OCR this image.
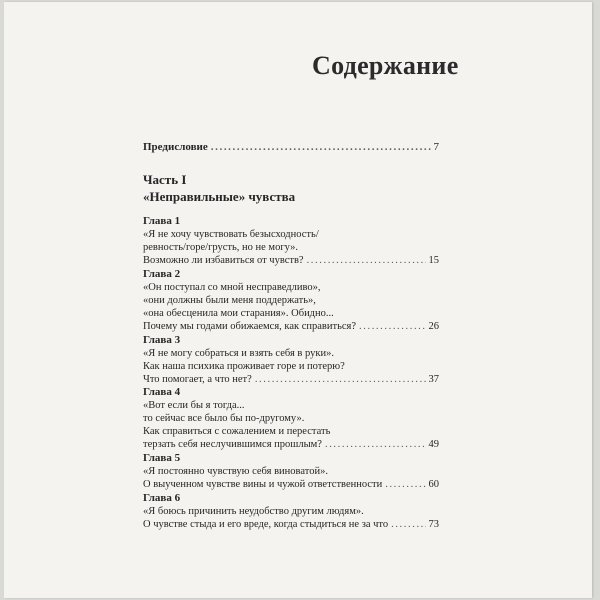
Содержание
Предисловие .....	7
Часть I
«Неправильные» чувства
Глава 1
«Я не хочу чувствовать безысходность/
ревность/горе/грусть, но не могу».
Возможно ли избавиться от чувств? .....	15
Глава 2
«Он поступал со мной несправедливо»,
«они должны были меня поддержать»,
«она обесценила мои старания». Обидно...
Почему мы годами обижаемся, как справиться? .....	26
Глава 3
«Я не могу собраться и взять себя в руки».
Как наша психика проживает горе и потерю?
Что помогает, а что нет? .....	37
Глава 4
«Вот если бы я тогда...
то сейчас все было бы по-другому».
Как справиться с сожалением и перестать
терзать себя неслучившимся прошлым? .....	49
Глава 5
«Я постоянно чувствую себя виноватой».
О выученном чувстве вины и чужой ответственности .....	60
Глава 6
«Я боюсь причинить неудобство другим людям».
О чувстве стыда и его вреде, когда стыдиться не за что .....	73
